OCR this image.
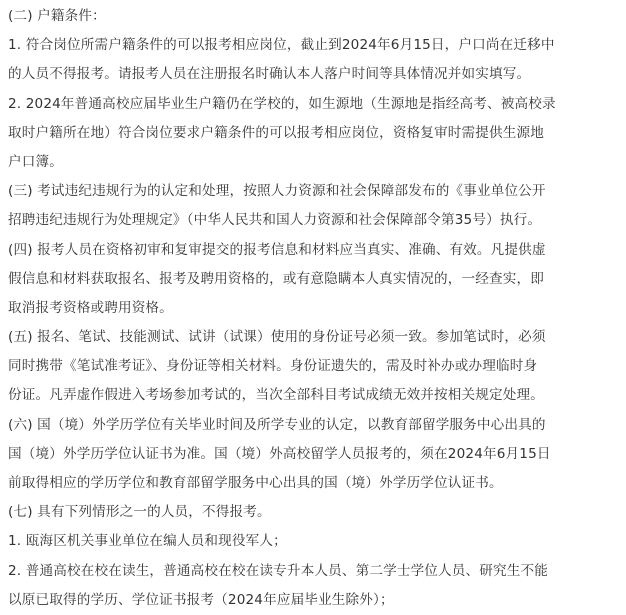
(二) 户籍条件：
1. 符合岗位所需户籍条件的可以报考相应岗位，截止到2024年6月15日，户口尚在迁移中
的人员不得报考。请报考人员在注册报名时确认本人落户时间等具体情况并如实填写。
2. 2024年普通高校应届毕业生户籍仍在学校的，如生源地（生源地是指经高考、被高校录
取时户籍所在地）符合岗位要求户籍条件的可以报考相应岗位，资格复审时需提供生源地
户口簿。
(三) 考试违纪违规行为的认定和处理，按照人力资源和社会保障部发布的《事业单位公开
招聘违纪违规行为处理规定》（中华人民共和国人力资源和社会保障部令第35号）执行。
(四) 报考人员在资格初审和复审提交的报考信息和材料应当真实、准确、有效。凡提供虚
假信息和材料获取报名、报考及聘用资格的，或有意隐瞒本人真实情况的，一经查实，即
取消报考资格或聘用资格。
(五) 报名、笔试、技能测试、试讲（试课）使用的身份证号必须一致。参加笔试时，必须
同时携带《笔试准考证》、身份证等相关材料。身份证遗失的，需及时补办或办理临时身
份证。凡弄虚作假进入考场参加考试的，当次全部科目考试成绩无效并按相关规定处理。
(六) 国（境）外学历学位有关毕业时间及所学专业的认定，以教育部留学服务中心出具的
国（境）外学历学位认证书为准。国（境）外高校留学人员报考的，须在2024年6月15日
前取得相应的学历学位和教育部留学服务中心出具的国（境）外学历学位认证书。
(七) 具有下列情形之一的人员，不得报考。
1. 瓯海区机关事业单位在编人员和现役军人；
2. 普通高校在校在读生，普通高校在校在读专升本人员、第二学士学位人员、研究生不能
以原已取得的学历、学位证书报考（2024年应届毕业生除外）；
